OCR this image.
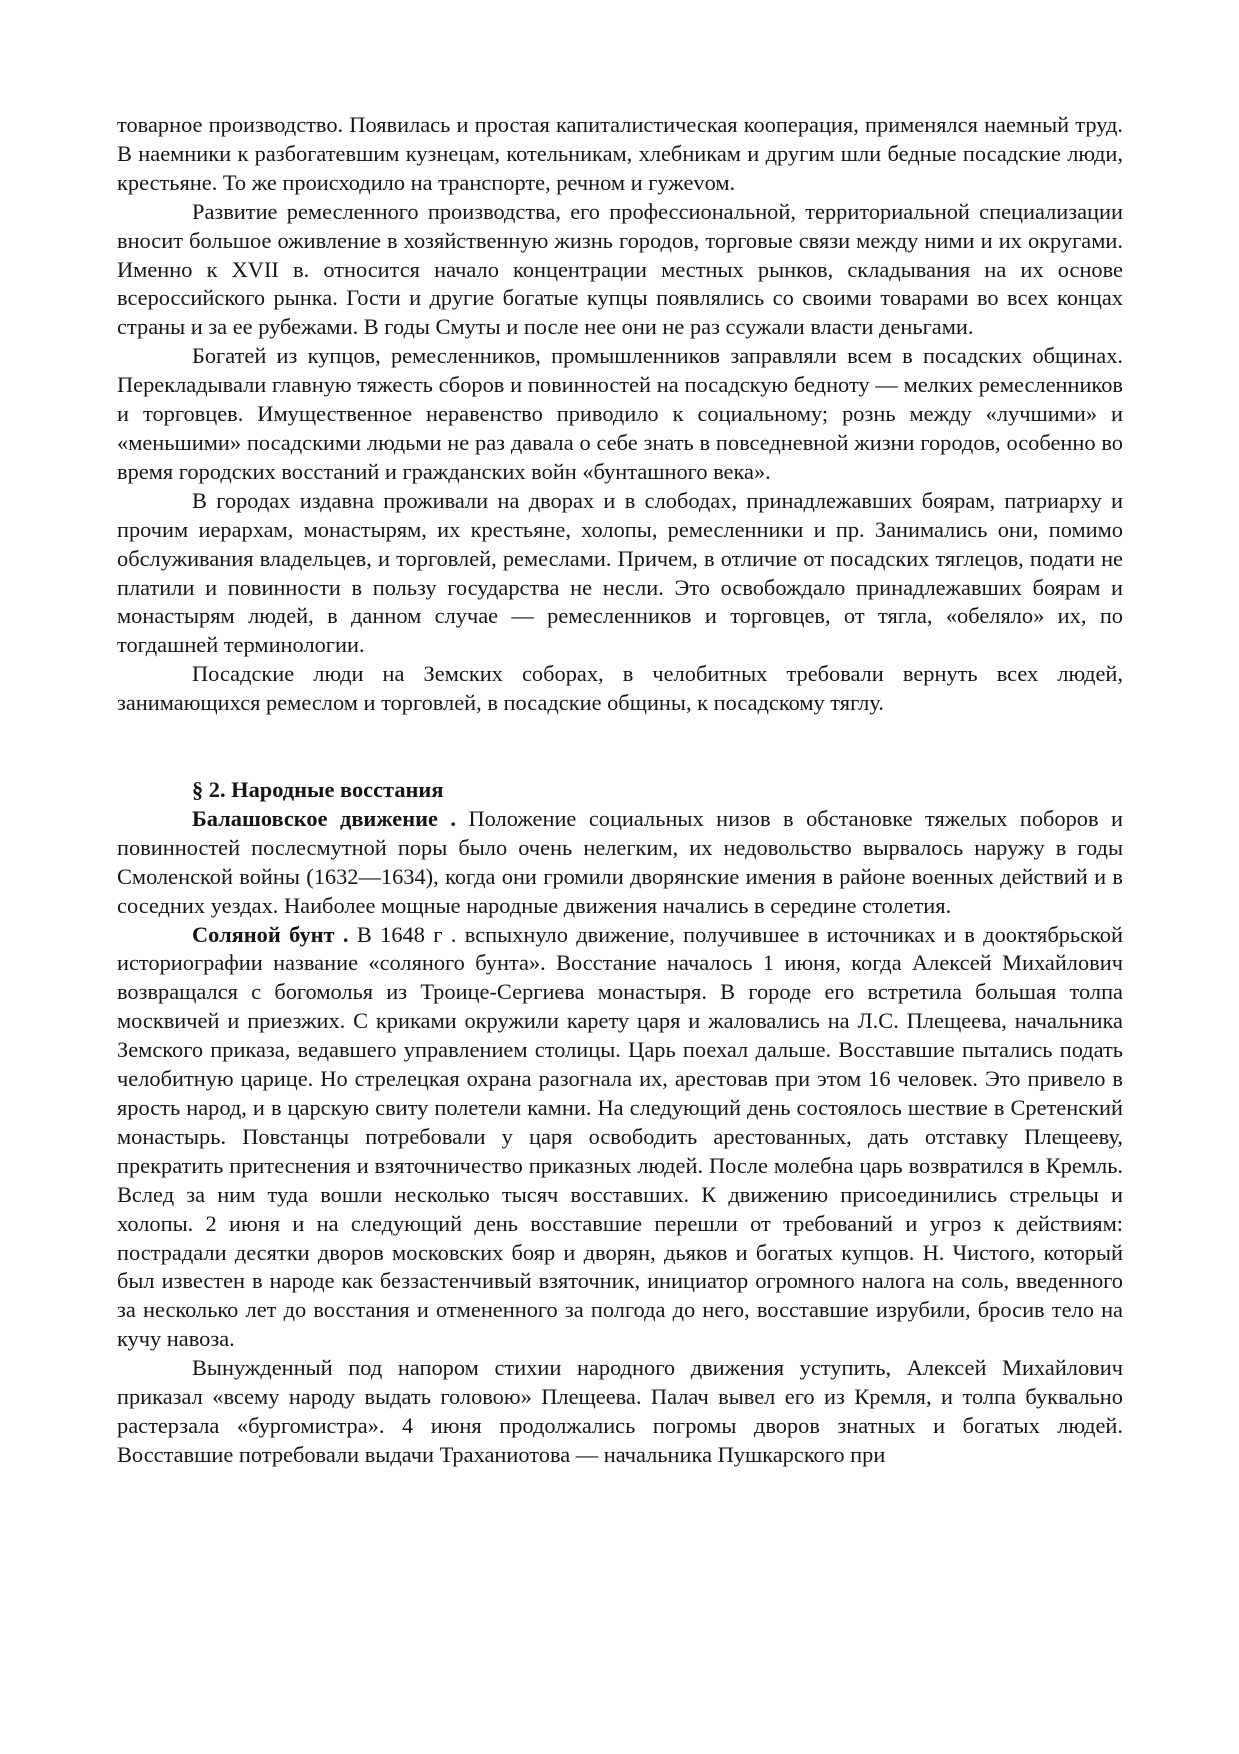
товарное производство. Появилась и простая капиталистическая кооперация, применялся наемный труд. В наемники к разбогатевшим кузнецам, котельникам, хлебникам и другим шли бедные посадские люди, крестьяне. То же происходило на транспорте, речном и гужеvом.

Развитие ремесленного производства, его профессиональной, территориальной специализации вносит большое оживление в хозяйственную жизнь городов, торговые связи между ними и их округами. Именно к XVII в. относится начало концентрации местных рынков, складывания на их основе всероссийского рынка. Гости и другие богатые купцы появлялись со своими товарами во всех концах страны и за ее рубежами. В годы Смуты и после нее они не раз ссужали власти деньгами.

Богатей из купцов, ремесленников, промышленников заправляли всем в посадских общинах. Перекладывали главную тяжесть сборов и повинностей на посадскую бедноту — мелких ремесленников и торговцев. Имущественное неравенство приводило к социальному; рознь между «лучшими» и «меньшими» посадскими людьми не раз давала о себе знать в повседневной жизни городов, особенно во время городских восстаний и гражданских войн «бунташного века».

В городах издавна проживали на дворах и в слободах, принадлежавших боярам, патриарху и прочим иерархам, монастырям, их крестьяне, холопы, ремесленники и пр. Занимались они, помимо обслуживания владельцев, и торговлей, ремеслами. Причем, в отличие от посадских тяглецов, подати не платили и повинности в пользу государства не несли. Это освобождало принадлежавших боярам и монастырям людей, в данном случае — ремесленников и торговцев, от тягла, «обеляло» их, по тогдашней терминологии.

Посадские люди на Земских соборах, в челобитных требовали вернуть всех людей, занимающихся ремеслом и торговлей, в посадские общины, к посадскому тяглу.

§ 2. Народные восстания

Балашовское движение . Положение социальных низов в обстановке тяжелых поборов и повинностей послесмутной поры было очень нелегким, их недовольство вырвалось наружу в годы Смоленской войны (1632—1634), когда они громили дворянские имения в районе военных действий и в соседних уездах. Наиболее мощные народные движения начались в середине столетия.

Соляной бунт . В 1648 г . вспыхнуло движение, получившее в источниках и в дооктябрьской историографии название «соляного бунта». Восстание началось 1 июня, когда Алексей Михайлович возвращался с богомолья из Троице-Сергиева монастыря. В городе его встретила большая толпа москвичей и приезжих. С криками окружили карету царя и жаловались на Л.С. Плещеева, начальника Земского приказа, ведавшего управлением столицы. Царь поехал дальше. Восставшие пытались подать челобитную царице. Но стрелецкая охрана разогнала их, арестовав при этом 16 человек. Это привело в ярость народ, и в царскую свиту полетели камни. На следующий день состоялось шествие в Сретенский монастырь. Повстанцы потребовали у царя освободить арестованных, дать отставку Плещееву, прекратить притеснения и взяточничество приказных людей. После молебна царь возвратился в Кремль. Вслед за ним туда вошли несколько тысяч восставших. К движению присоединились стрельцы и холопы. 2 июня и на следующий день восставшие перешли от требований и угроз к действиям: пострадали десятки дворов московских бояр и дворян, дьяков и богатых купцов. Н. Чистого, который был известен в народе как беззастенчивый взяточник, инициатор огромного налога на соль, введенного за несколько лет до восстания и отмененного за полгода до него, восставшие изрубили, бросив тело на кучу навоза.

Вынужденный под напором стихии народного движения уступить, Алексей Михайлович приказал «всему народу выдать головою» Плещеева. Палач вывел его из Кремля, и толпа буквально растерзала «бургомистра». 4 июня продолжались погромы дворов знатных и богатых людей. Восставшие потребовали выдачи Траханиотова — начальника Пушкарского при
